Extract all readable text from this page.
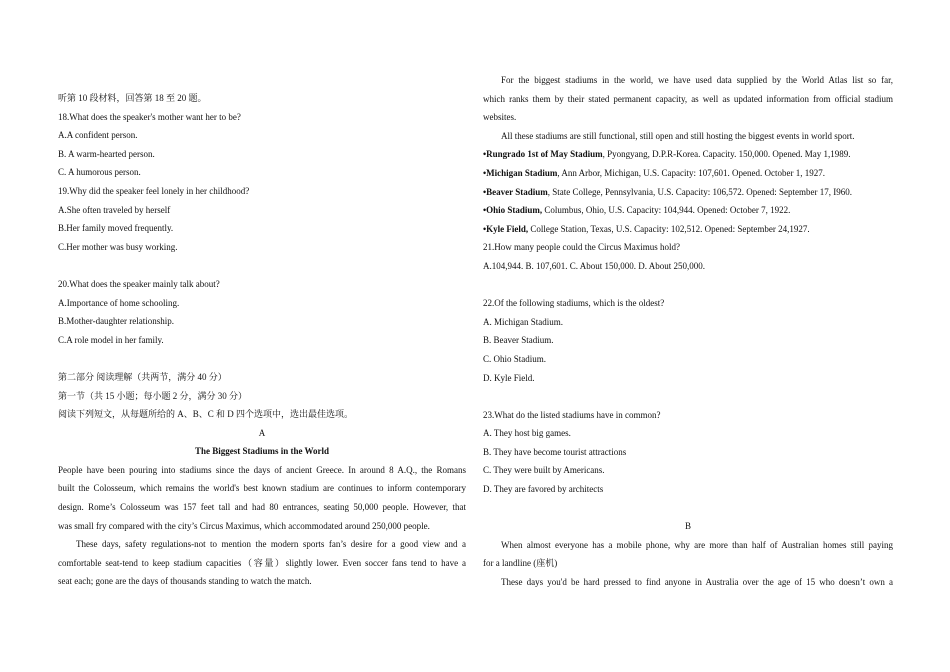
听第 10 段材料，回答第 18 至 20 题。
18.What does the speaker's mother want her to be?
A.A confident person.
B. A warm-hearted person.
C. A humorous person.
19.Why did the speaker feel lonely in her childhood?
A.She often traveled by herself
B.Her family moved frequently.
C.Her mother was busy working.
20.What does the speaker mainly talk about?
A.Importance of home schooling.
B.Mother-daughter relationship.
C.A role model in her family.
第二部分 阅读理解（共两节，满分 40 分）
第一节（共 15 小题；每小题 2 分，满分 30 分）
阅读下列短文，从每题所给的 A、B、C 和 D 四个选项中，选出最佳选项。
A
The Biggest Stadiums in the World
People have been pouring into stadiums since the days of ancient Greece. In around 8 A.Q., the Romans
built the Colosseum, which remains the world's best known stadium are continues to inform contemporary
design. Rome’s Colosseum was 157 feet tall and had 80 entrances, seating 50,000 people. However, that
was small fry compared with the city’s Circus Maximus, which accommodated around 250,000 people.
These days, safety regulations-not to mention the modern sports fan’s desire for a good view and a
comfortable seat-tend to keep stadium capacities（容量）slightly lower. Even soccer fans tend to have a
seat each; gone are the days of thousands standing to watch the match.
For the biggest stadiums in the world, we have used data supplied by the World Atlas list so far,
which ranks them by their stated permanent capacity, as well as updated information from official stadium
websites.
All these stadiums are still functional, still open and still hosting the biggest events in world sport.
•Rungrado 1st of May Stadium, Pyongyang, D.P.R-Korea. Capacity. 150,000. Opened. May 1,1989.
•Michigan Stadium, Ann Arbor, Michigan, U.S. Capacity: 107,601. Opened. October 1, 1927.
•Beaver Stadium, State College, Pennsylvania, U.S. Capacity: 106,572. Opened: September 17, I960.
•Ohio Stadium, Columbus, Ohio, U.S. Capacity: 104,944. Opened: October 7, 1922.
•Kyle Field, College Station, Texas, U.S. Capacity: 102,512. Opened: September 24,1927.
21.How many people could the Circus Maximus hold?
A.104,944. B. 107,601. C. About 150,000. D. About 250,000.
22.Of the following stadiums, which is the oldest?
A. Michigan Stadium.
B. Beaver Stadium.
C. Ohio Stadium.
D. Kyle Field.
23.What do the listed stadiums have in common?
A. They host big games.
B. They have become tourist attractions
C. They were built by Americans.
D. They are favored by architects
B
When almost everyone has a mobile phone, why are more than half of Australian homes still paying
for a landline (座机)
These days you'd be hard pressed to find anyone in Australia over the age of 15 who doesn’t own a
